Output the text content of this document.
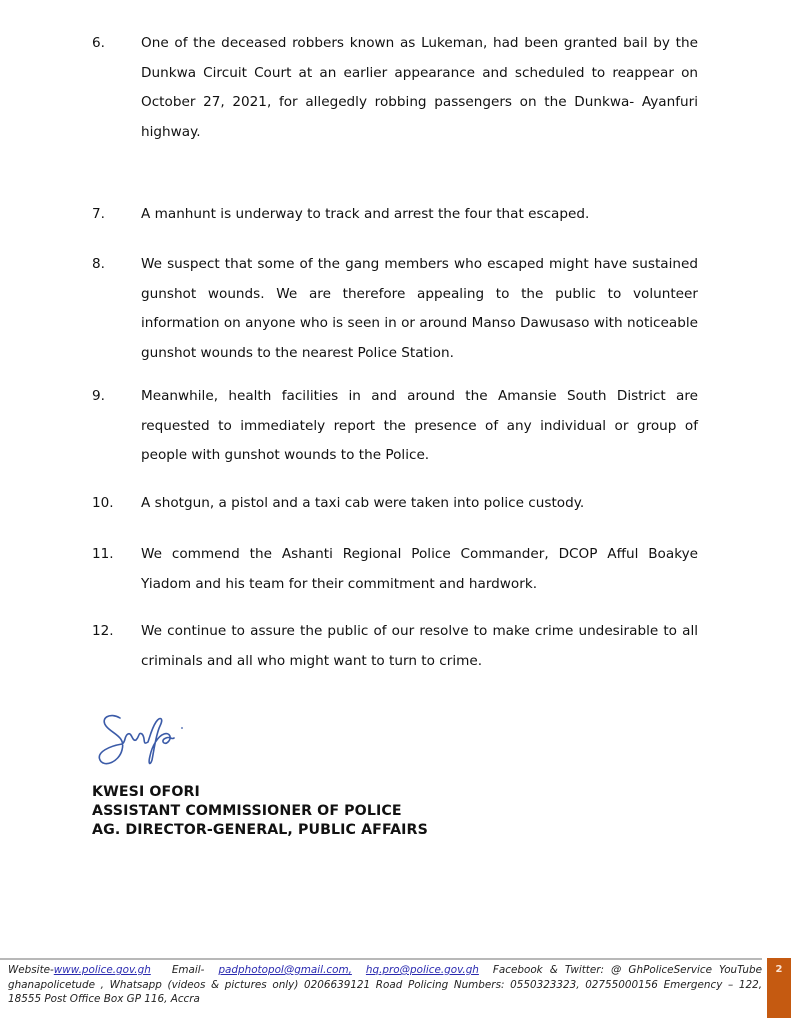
6.	One of the deceased robbers known as Lukeman, had been granted bail by the Dunkwa Circuit Court at an earlier appearance and scheduled to reappear on October 27, 2021, for allegedly robbing passengers on the Dunkwa- Ayanfuri highway.
7.	A manhunt is underway to track and arrest the four that escaped.
8.	We suspect that some of the gang members who escaped might have sustained gunshot wounds. We are therefore appealing to the public to volunteer information on anyone who is seen in or around Manso Dawusaso with noticeable gunshot wounds to the nearest Police Station.
9.	Meanwhile, health facilities in and around the Amansie South District are requested to immediately report the presence of any individual or group of people with gunshot wounds to the Police.
10. A shotgun, a pistol and a taxi cab were taken into police custody.
11. We commend the Ashanti Regional Police Commander, DCOP Afful Boakye Yiadom and his team for their commitment and hardwork.
12. We continue to assure the public of our resolve to make crime undesirable to all criminals and all who might want to turn to crime.
KWESI OFORI
ASSISTANT COMMISSIONER OF POLICE
AG. DIRECTOR-GENERAL, PUBLIC AFFAIRS
Website-www.police.gov.gh Email- padphotopol@gmail.com, hq.pro@police.gov.gh Facebook & Twitter: @ GhPoliceService YouTube ghanapolicetude , Whatsapp (videos & pictures only) 0206639121 Road Policing Numbers: 0550323323, 02755000156 Emergency – 122, 18555 Post Office Box GP 116, Accra
2
